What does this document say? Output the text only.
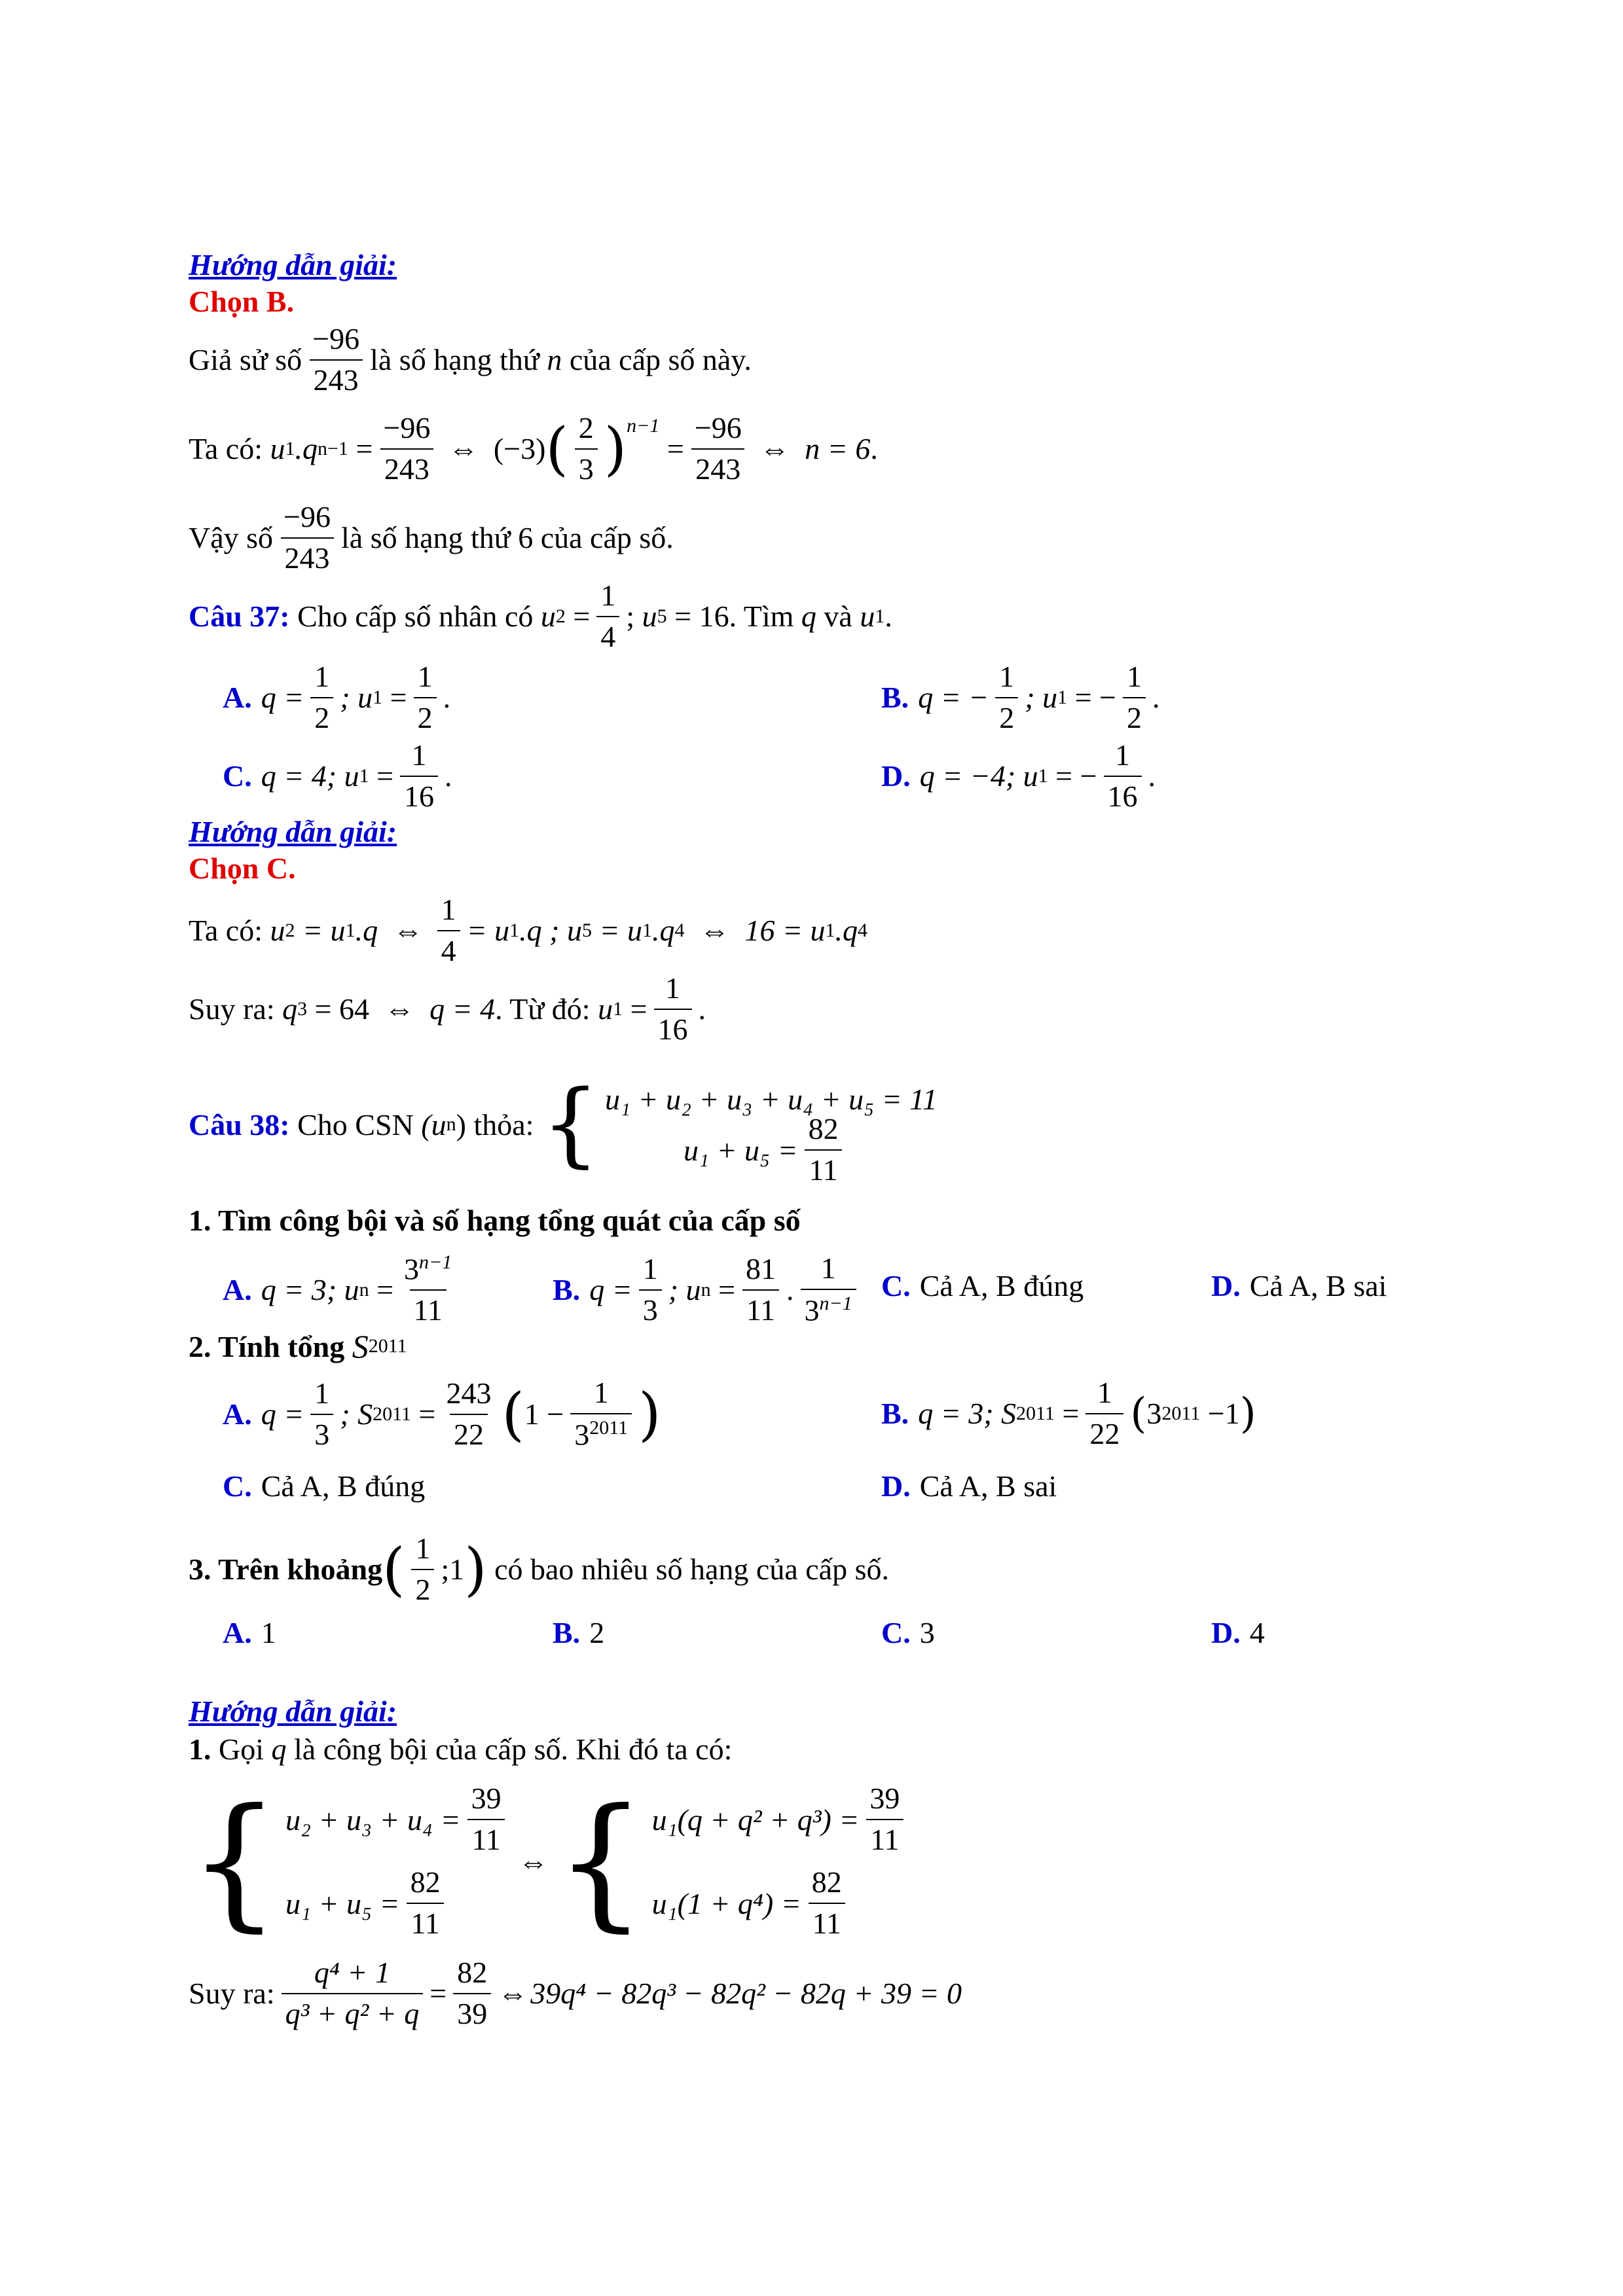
Hướng dẫn giải:
Chọn B.
Giả sử số $\frac{-96}{243}$ là số hạng thứ
n
của cấp số này.
Ta có:
u 1 .q n−1
= $\frac{-96}{243}$
⇔
(−3) ( $\frac{2}{3} )^{n-1}$

= $\frac{-96}{243}$
⇔
n = 6 .
Vậy số $\frac{-96}{243}$ là số hạng thứ 6 của cấp số.
Câu 37:
Cho cấp số nhân có
u 2
= $\frac{1}{4}$ ;
u 5
= 16 . Tìm
q
và
u 1 .
A. $q = \frac{1}{2}$ ; u 1
= $\frac{1}{2}$ .	B. q = − $\frac{1}{2}$ ; u 1
= − $\frac{1}{2}$ .
C. q = 4; u 1
= $\frac{1}{16}$ .	D. q = −4; u 1
= − $\frac{1}{16}$ .
Hướng dẫn giải:
Chọn C.
Ta có:
u 2
= u 1 .q
⇔
$\frac{1}{4} = u$ 1 .q ;
u 5
= u 1 .q 4
⇔
16 = u 1 .q 4
Suy ra:
q 3
= 64
⇔
q = 4 . Từ đó:
u 1
= $\frac{1}{16}$ .
Câu 38:
Cho CSN
(u n )
thỏa:
{ u₁ + u₂ + u₃ + u₄ + u₅ = 11
$u_1 + u_5 = \frac{82}{11}$
1. Tìm công bội và số hạng tổng quát của cấp số
A. q = 3; u n
= $\frac{3^{n-1}}{11}$	B. $q = \frac{1}{3}$ ; u n
= $\frac{81}{11}$ . $\frac{1}{3^{n-1}} C$. Cả A, B đúng	D. Cả A, B sai
2. Tính tổng
S 2011
A. $q = \frac{1}{3}$ ; S 2011
= $\frac{243}{22}$ ( $1 - \frac{1}{3^{2011}}$ )	B. q = 3; S 2011
= $\frac{1}{22}$ ( 3 2011
−1 )
C. Cả A, B đúng	D. Cả A, B sai
3. Trên khoảng ( $\frac{1}{2}$ ;1 )
có bao nhiêu số hạng của cấp số.
A. 1	B. 2	C. 3	D. 4
Hướng dẫn giải:
1.
Gọi
q
là công bội của cấp số. Khi đó ta có:
{ $u_2 + u_3 + u_4 = \frac{39}{11}$
$u_1 + u_5 = \frac{82}{11}$
⇔ { $u_1(q + q^2 + q^3) = \frac{39}{11}$
$u_1(1 + q^4) = \frac{82}{11}$
Suy ra: $\frac{\text{q⁴ + 1}}{\text{q³ + q² + q}} = \frac{82}{39}$ ⇔ 39q⁴ − 82q³ − 82q² − 82q + 39 = 0
